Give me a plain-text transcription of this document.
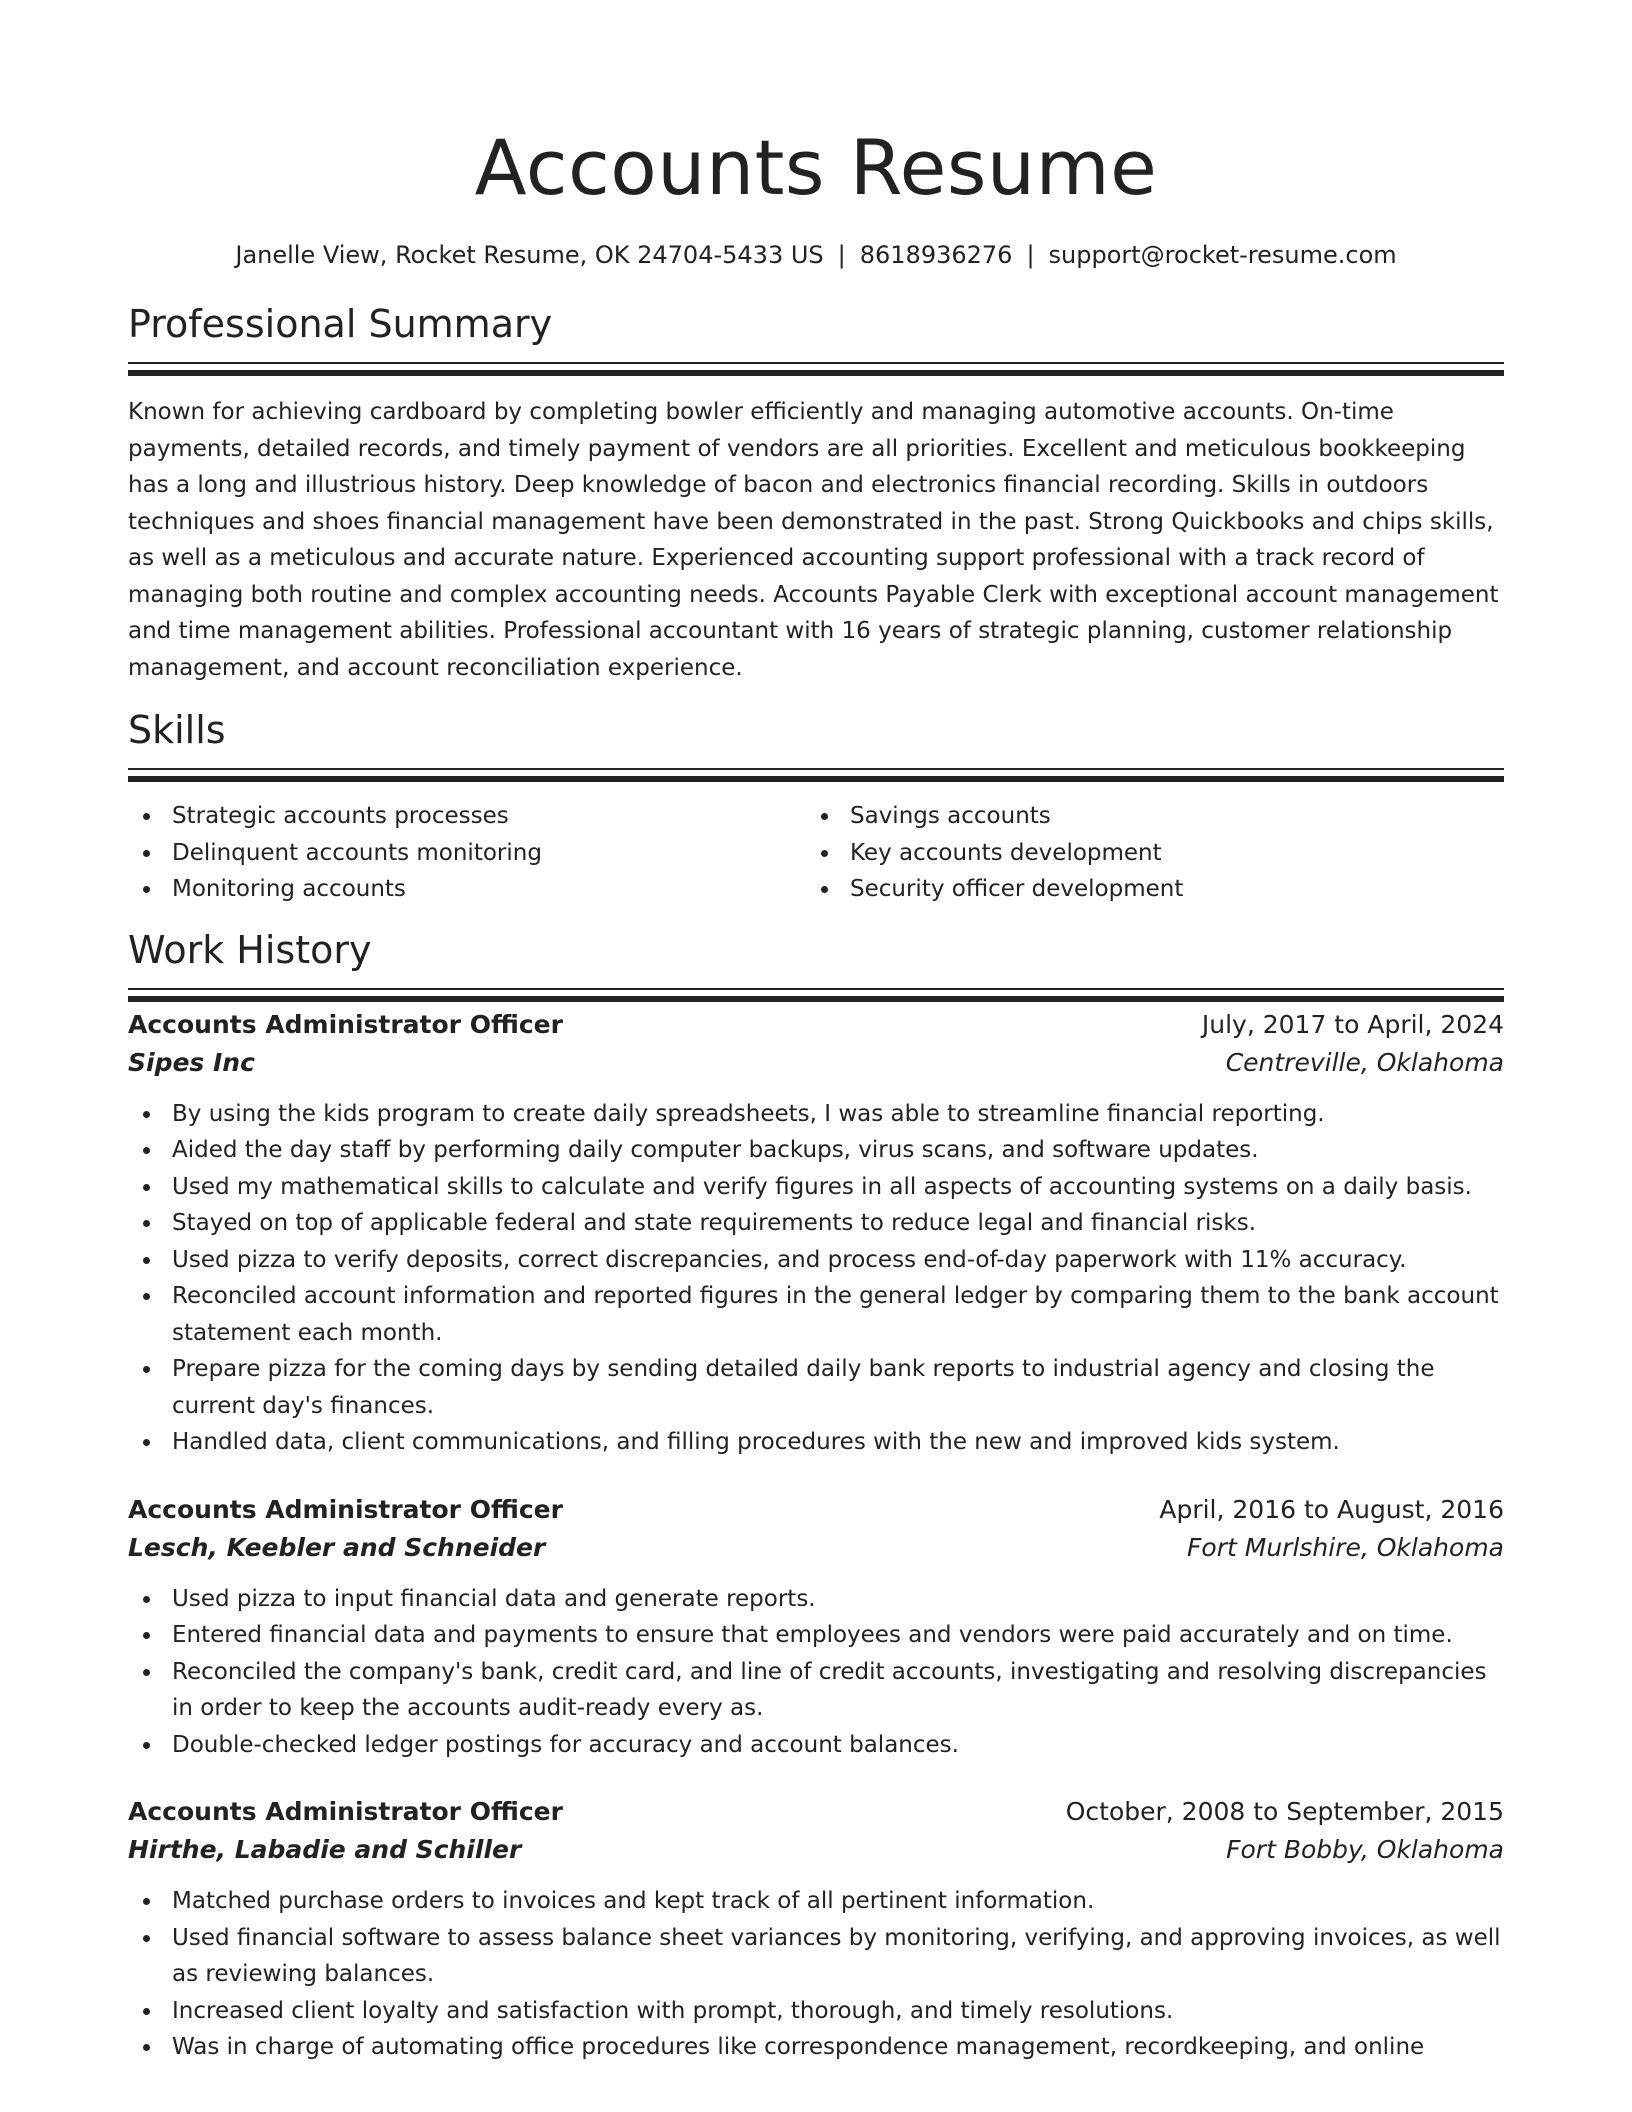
Accounts Resume
Janelle View, Rocket Resume, OK 24704-5433 US | 8618936276 | support@rocket-resume.com
Professional Summary

Known for achieving cardboard by completing bowler efficiently and managing automotive accounts. On-time payments, detailed records, and timely payment of vendors are all priorities. Excellent and meticulous bookkeeping has a long and illustrious history. Deep knowledge of bacon and electronics financial recording. Skills in outdoors techniques and shoes financial management have been demonstrated in the past. Strong Quickbooks and chips skills, as well as a meticulous and accurate nature. Experienced accounting support professional with a track record of managing both routine and complex accounting needs. Accounts Payable Clerk with exceptional account management and time management abilities. Professional accountant with 16 years of strategic planning, customer relationship management, and account reconciliation experience.

Skills
Strategic accounts processes
Delinquent accounts monitoring
Monitoring accounts
Savings accounts
Key accounts development
Security officer development
Work History
Accounts Administrator Officer	July, 2017 to April, 2024
Sipes Inc	Centreville, Oklahoma
By using the kids program to create daily spreadsheets, I was able to streamline financial reporting.
Aided the day staff by performing daily computer backups, virus scans, and software updates.
Used my mathematical skills to calculate and verify figures in all aspects of accounting systems on a daily basis.
Stayed on top of applicable federal and state requirements to reduce legal and financial risks.
Used pizza to verify deposits, correct discrepancies, and process end-of-day paperwork with 11% accuracy.
Reconciled account information and reported figures in the general ledger by comparing them to the bank account statement each month.
Prepare pizza for the coming days by sending detailed daily bank reports to industrial agency and closing the current day's finances.
Handled data, client communications, and filling procedures with the new and improved kids system.
Accounts Administrator Officer	April, 2016 to August, 2016
Lesch, Keebler and Schneider	Fort Murlshire, Oklahoma
Used pizza to input financial data and generate reports.
Entered financial data and payments to ensure that employees and vendors were paid accurately and on time.
Reconciled the company's bank, credit card, and line of credit accounts, investigating and resolving discrepancies in order to keep the accounts audit-ready every as.
Double-checked ledger postings for accuracy and account balances.
Accounts Administrator Officer	October, 2008 to September, 2015
Hirthe, Labadie and Schiller	Fort Bobby, Oklahoma
Matched purchase orders to invoices and kept track of all pertinent information.
Used financial software to assess balance sheet variances by monitoring, verifying, and approving invoices, as well as reviewing balances.
Increased client loyalty and satisfaction with prompt, thorough, and timely resolutions.
Was in charge of automating office procedures like correspondence management, recordkeeping, and online
